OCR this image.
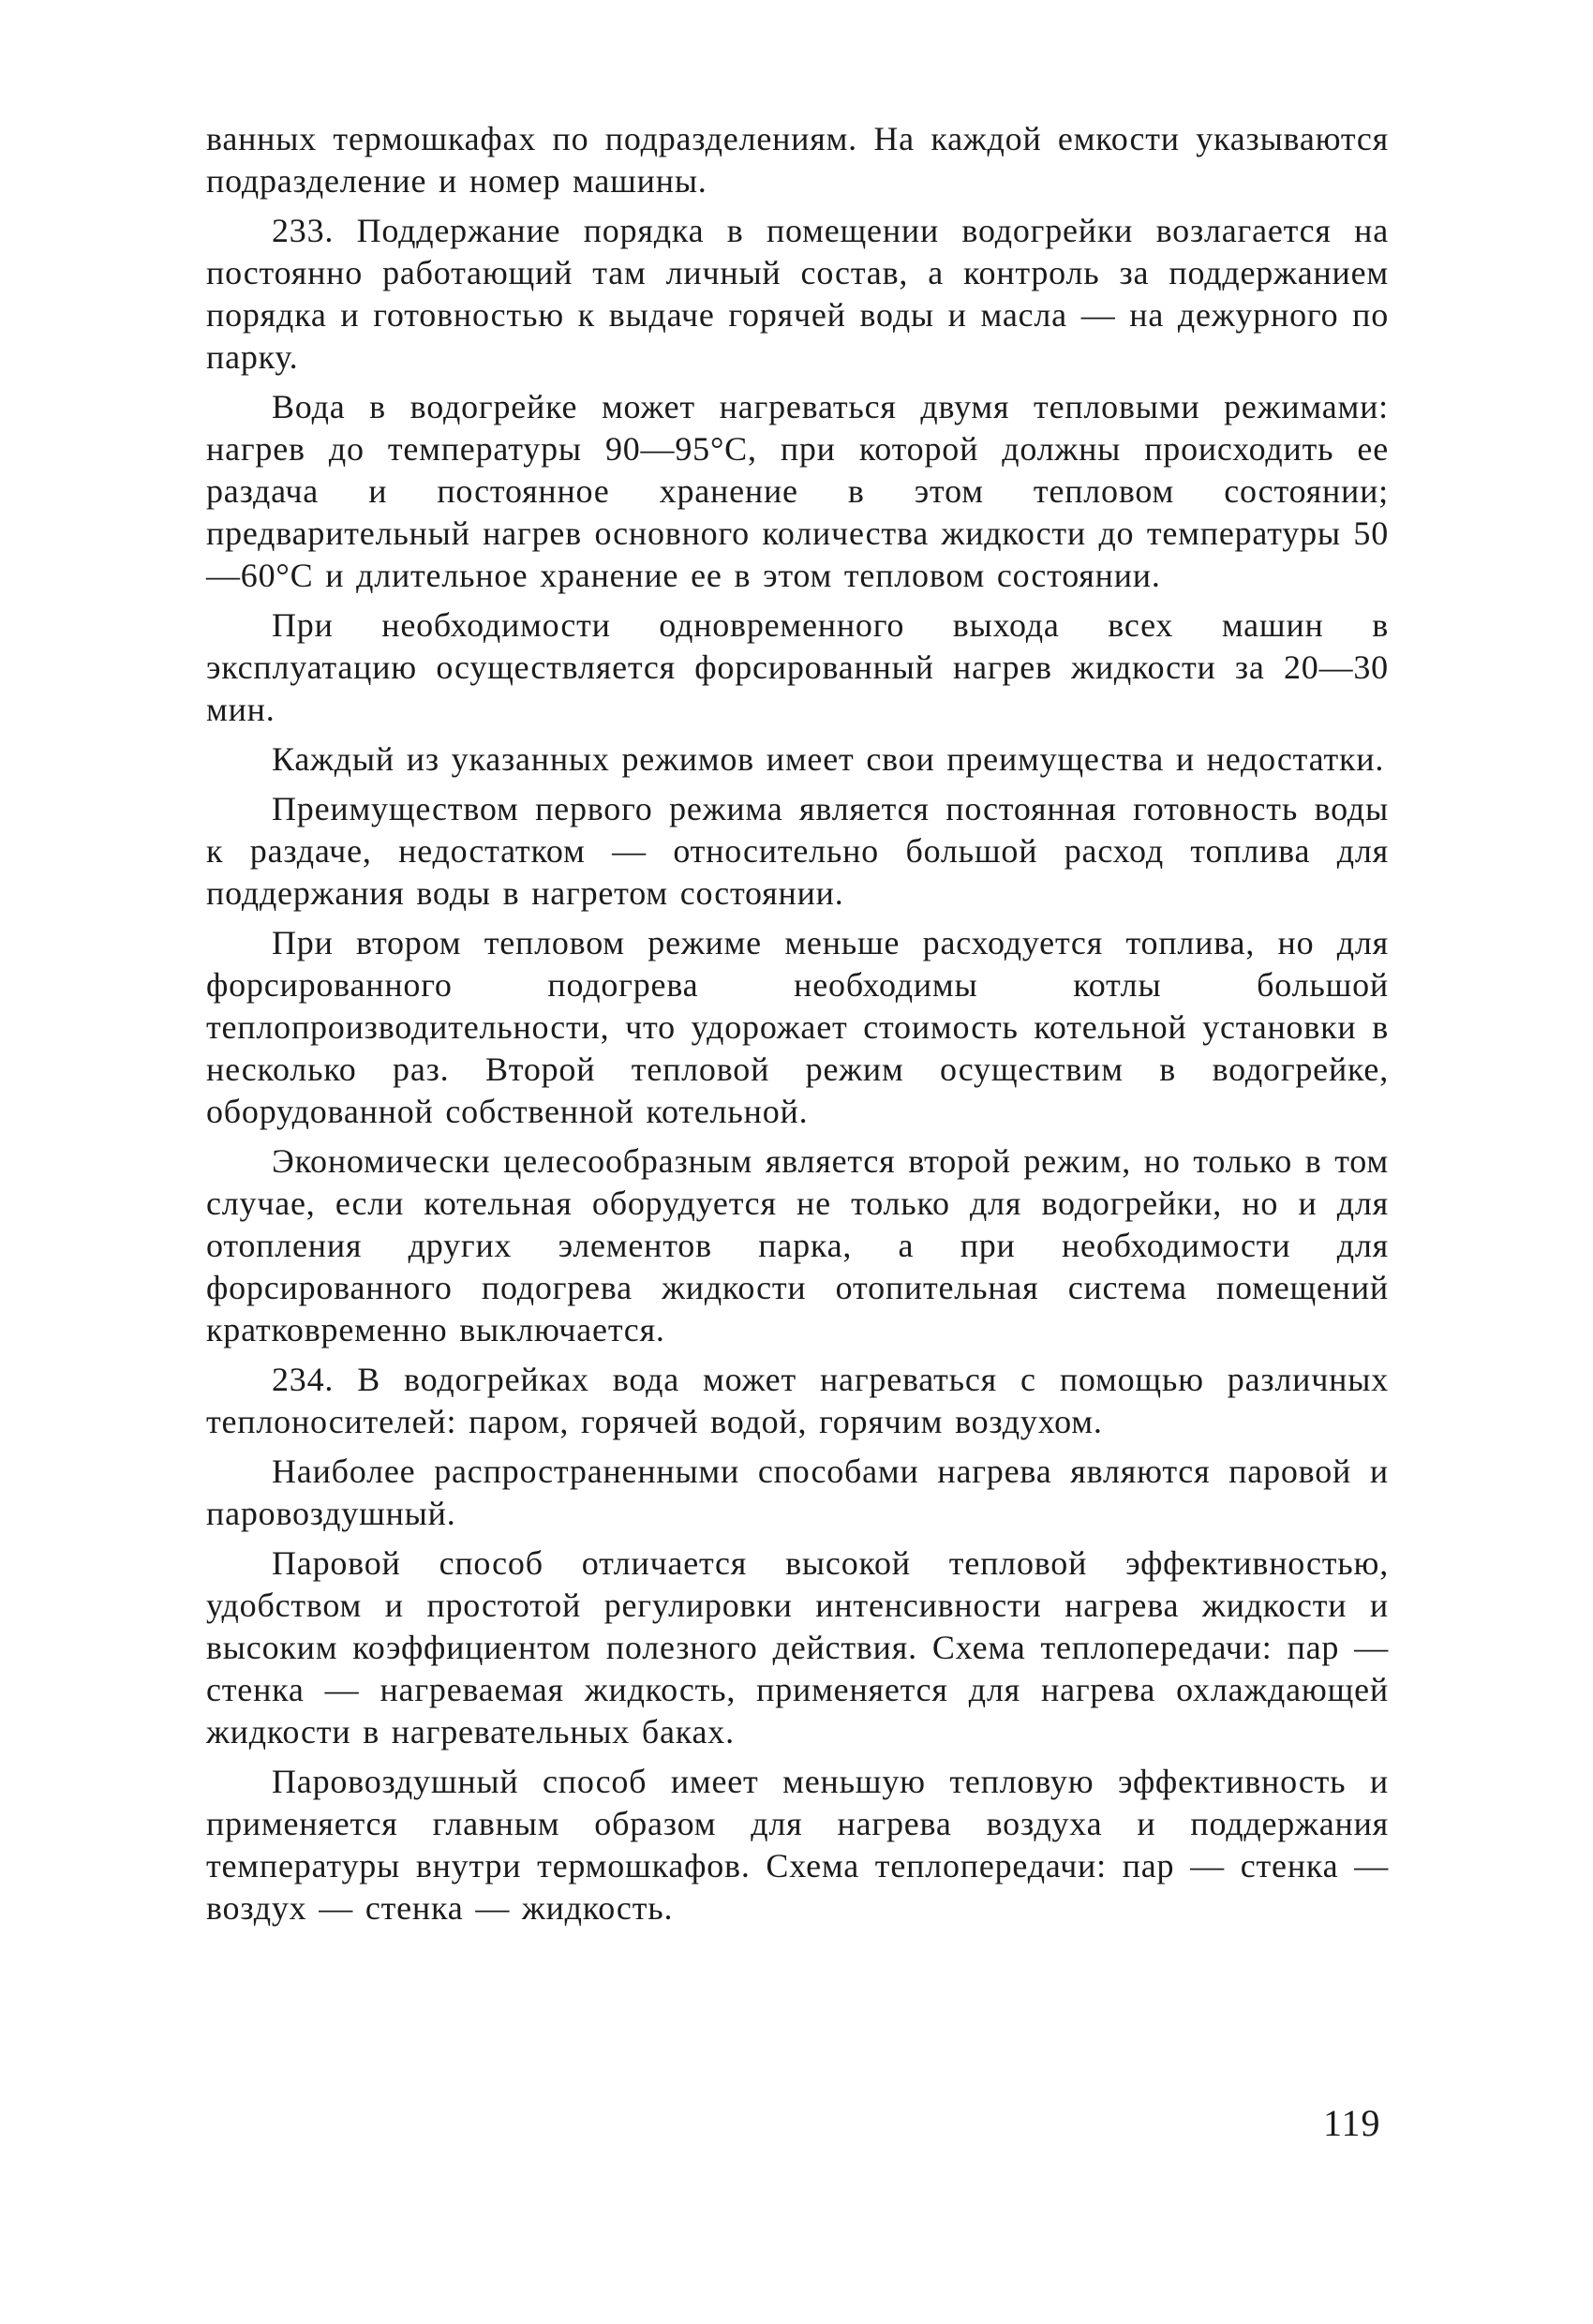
ванных термошкафах по подразделениям. На каждой емкости указываются подразделение и номер машины.

233. Поддержание порядка в помещении водогрейки возлагается на постоянно работающий там личный состав, а контроль за поддержанием порядка и готовностью к выдаче горячей воды и масла — на дежурного по парку.

Вода в водогрейке может нагреваться двумя тепловыми режимами: нагрев до температуры 90—95°С, при которой должны происходить ее раздача и постоянное хранение в этом тепловом состоянии; предварительный нагрев основного количества жидкости до температуры 50—60°С и длительное хранение ее в этом тепловом состоянии.

При необходимости одновременного выхода всех машин в эксплуатацию осуществляется форсированный нагрев жидкости за 20—30 мин.

Каждый из указанных режимов имеет свои преимущества и недостатки.

Преимуществом первого режима является постоянная готовность воды к раздаче, недостатком — относительно большой расход топлива для поддержания воды в нагретом состоянии.

При втором тепловом режиме меньше расходуется топлива, но для форсированного подогрева необходимы котлы большой теплопроизводительности, что удорожает стоимость котельной установки в несколько раз. Второй тепловой режим осуществим в водогрейке, оборудованной собственной котельной.

Экономически целесообразным является второй режим, но только в том случае, если котельная оборудуется не только для водогрейки, но и для отопления других элементов парка, а при необходимости для форсированного подогрева жидкости отопительная система помещений кратковременно выключается.

234. В водогрейках вода может нагреваться с помощью различных теплоносителей: паром, горячей водой, горячим воздухом.

Наиболее распространенными способами нагрева являются паровой и паровоздушный.

Паровой способ отличается высокой тепловой эффективностью, удобством и простотой регулировки интенсивности нагрева жидкости и высоким коэффициентом полезного действия. Схема теплопередачи: пар — стенка — нагреваемая жидкость, применяется для нагрева охлаждающей жидкости в нагревательных баках.

Паровоздушный способ имеет меньшую тепловую эффективность и применяется главным образом для нагрева воздуха и поддержания температуры внутри термошкафов. Схема теплопередачи: пар — стенка — воздух — стенка — жидкость.

119
